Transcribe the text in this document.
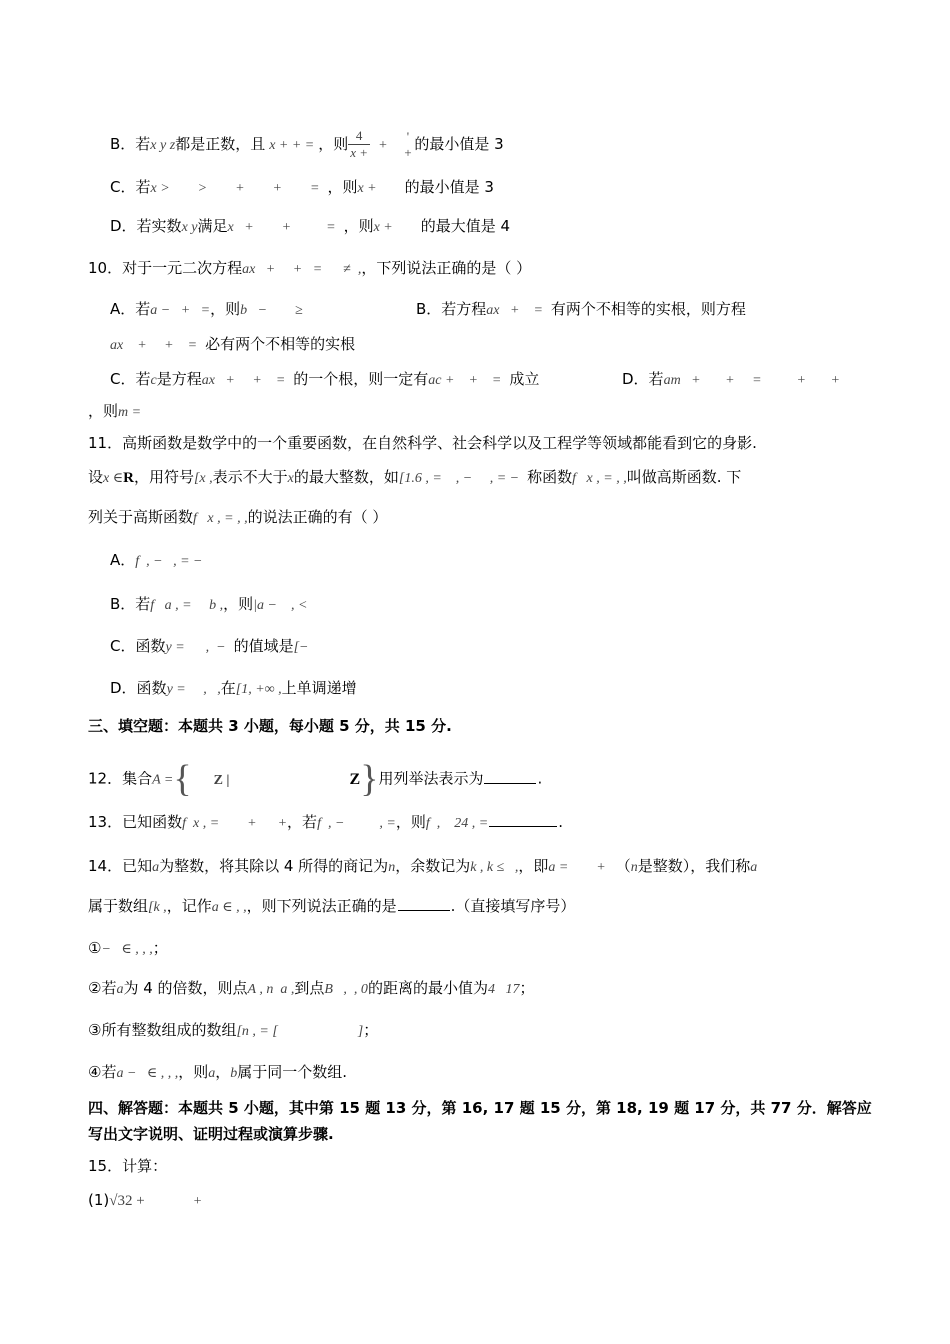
B．若x y z都是正数，且 x + + = ，则 $\frac{4}{x +}$ +
'
+ 的最小值是 3
C．若x >        >        +        +        = ，则x + 的最小值是 3
D．若实数x y满足x   +        +          = ，则x + 的最大值是 4
10．对于一元二次方程ax   +     +   =      ≠  ,，下列说法正确的是（ ）
A．若a −   +   =，则b   −        ≥	B．若方程ax   +    = 有两个不相等的实根，则方程
ax    +     +    = 必有两个不相等的实根
C．若c是方程ax   +     +    = 的一个根，则一定有ac +    +    = 成立	D．若am   +       +     =          +       +
，则m =
11．高斯函数是数学中的一个重要函数，在自然科学、社会科学以及工程学等领域都能看到它的身影.
设x ∈R，用符号[x ,表示不大于x的最大整数，如[1.6 , =    , −     , = − 称函数f   x , = , ,叫做高斯函数. 下
列关于高斯函数f   x , = , ,的说法正确的有（ ）
A．f  , −   , = −
B．若f   a , =     b ,，则|a −    , <
C．函数y =      ,  − 的值域是[−
D．函数y =     ,   ,在[1, +∞ ,上单调递增
三、填空题：本题共 3 小题，每小题 5 分，共 15 分.
12．集合A ={ Z |	Z}用列举法表示为	.
13．已知函数f  x , =        +      +，若f  , −          , =，则f  ,    24 , =	.
14．已知a为整数，将其除以 4 所得的商记为n，余数记为k , k ≤   ,，即a =        + （n是整数），我们称a
属于数组[k ,，记作a ∈ , ,，则下列说法正确的是	.（直接填写序号）
①−   ∈ , , ,；
②若a为 4 的倍数，则点A , n  a ,到点B   ,  , 0的距离的最小值为4   17；
③所有整数组成的数组[n , = [	]；
④若a −   ∈ , , ,，则a，b属于同一个数组.
四、解答题：本题共 5 小题，其中第 15 题 13 分，第 16, 17 题 15 分，第 18, 19 题 17 分，共 77 分．解答应
写出文字说明、证明过程或演算步骤.
15．计算：
(1)√32 +	+
